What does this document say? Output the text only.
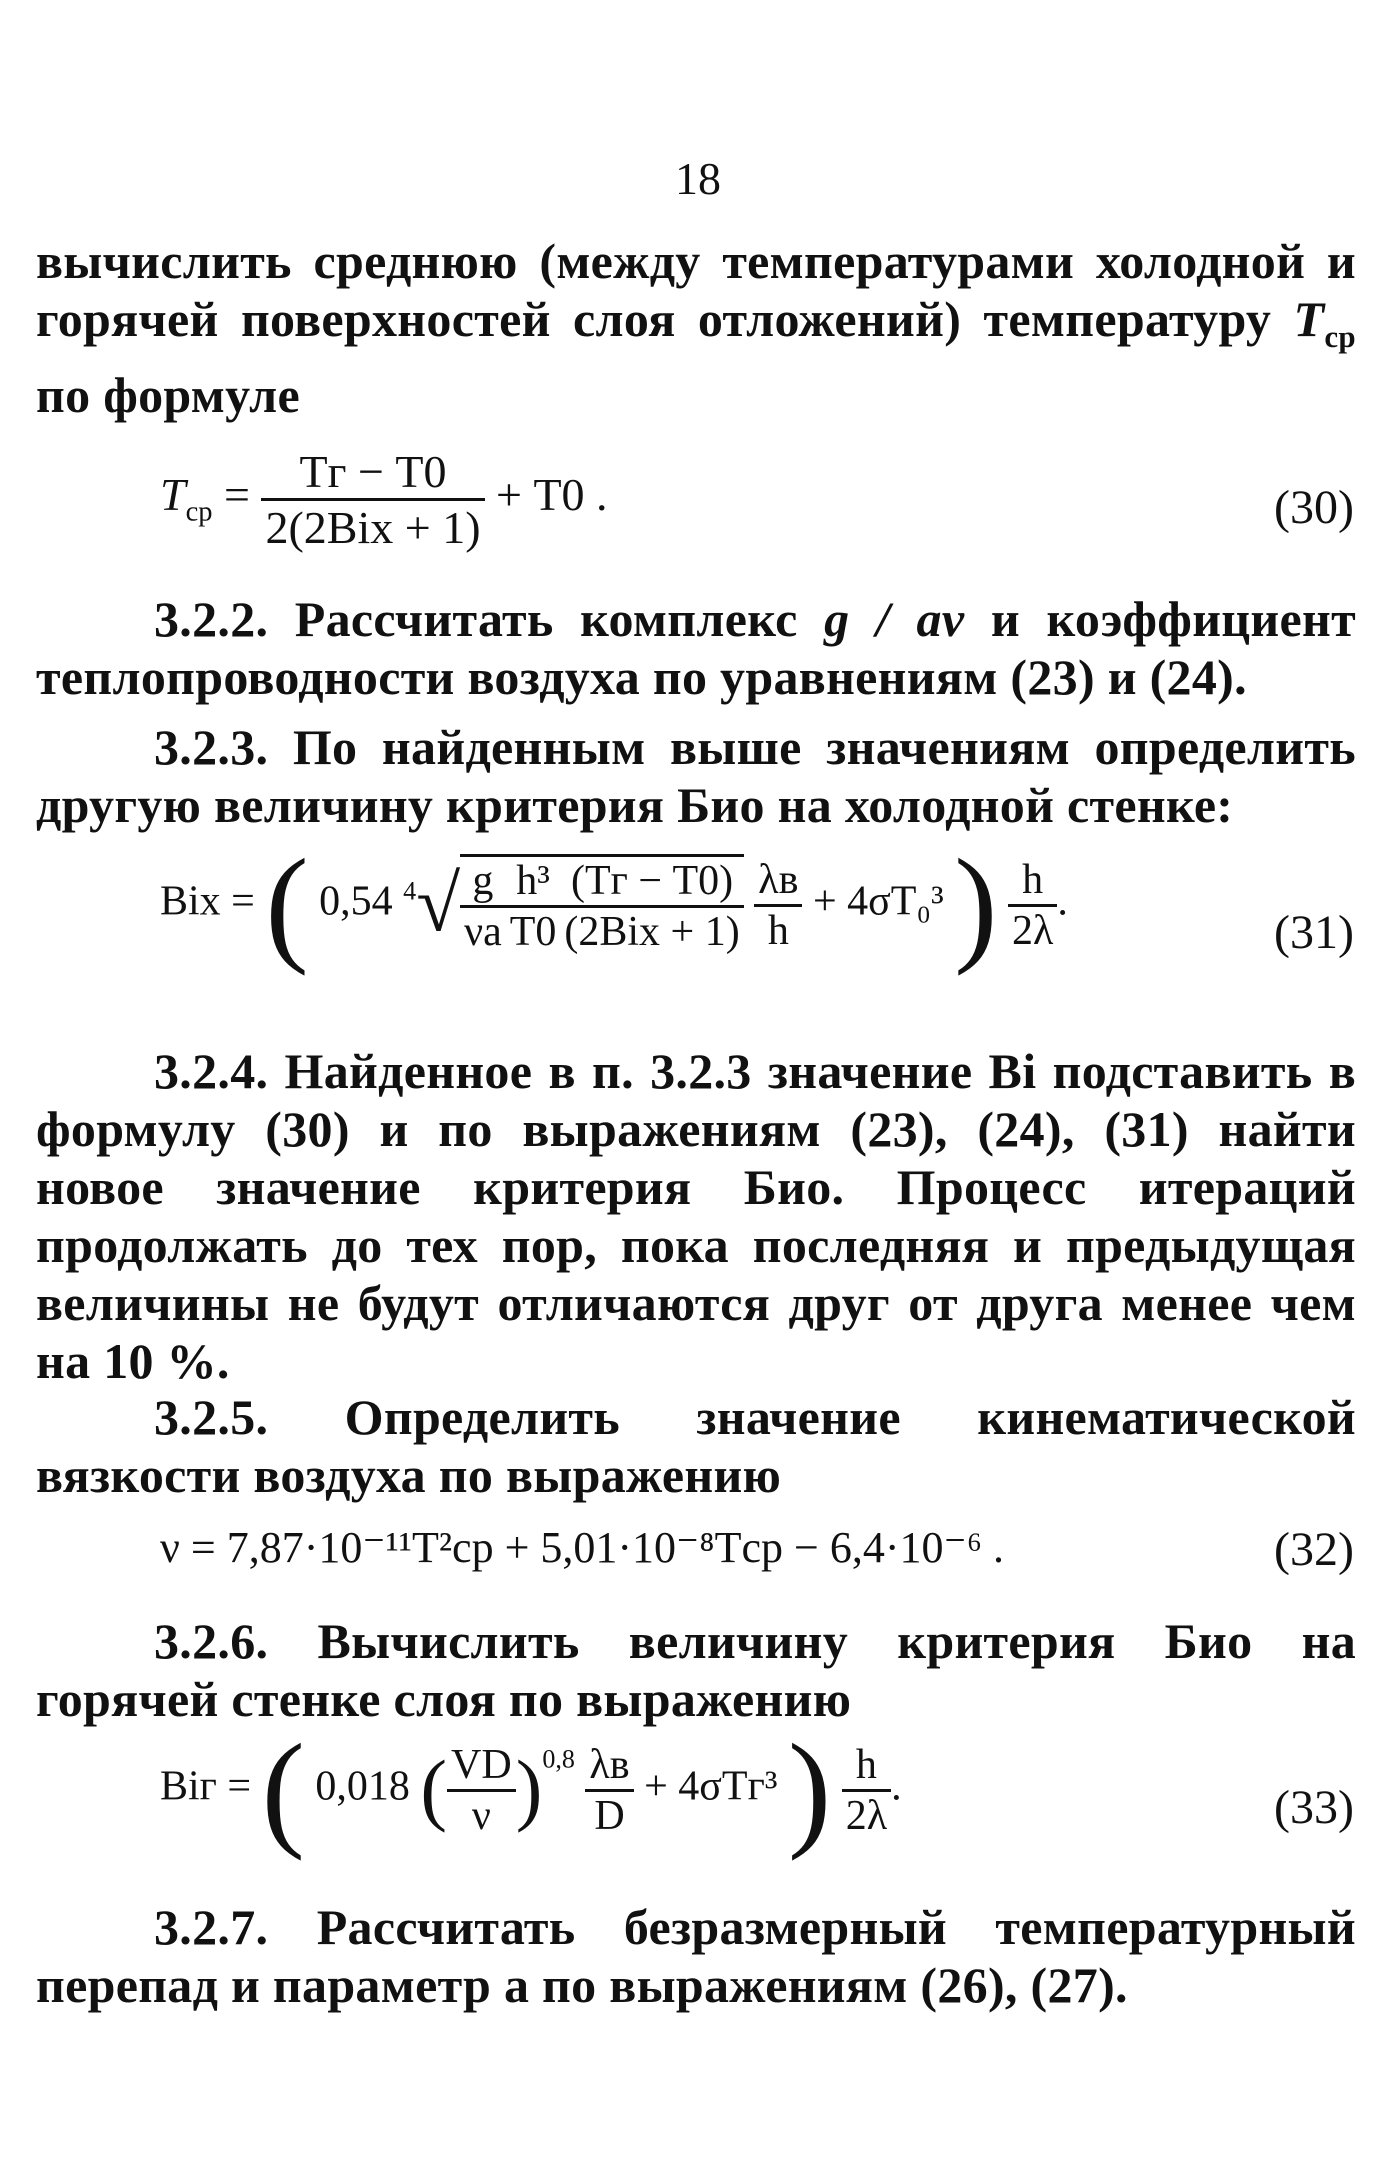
18
вычислить среднюю (между температурами холодной и горячей поверхностей слоя отложений) температуру $T_{ср}$ по формуле
$T_{ср} = \frac{Tг - T0}{\text{2(2Biх + 1)}} + T0$ .	(30)
3.2.2. Рассчитать комплекс g / av и коэффициент теплопроводности воздуха по уравнениям (23) и (24).
3.2.3. По найденным выше значениям определить другую величину критерия Био на холодной стенке:
Biх = ( 0,54 $^4√ \frac{g}{\nu a} \frac{\text{h³}}{T0} \frac{(Tг - T0)}{\text{(2Biх + 1)}}$
$\frac{\lambda в}{h} + 4\sigma T_0^3$ ) $\frac{h}{2\lambda}$ .
(31)
3.2.4. Найденное в п. 3.2.3 значение Bi подставить в формулу (30) и по выражениям (23), (24), (31) найти новое значение критерия Био. Процесс итераций продолжать до тех пор, пока последняя и предыдущая величины не будут отличаются друг от друга менее чем на 10 %.
3.2.5. Определить значение кинематической вязкости воздуха по выражению
ν = 7,87·10⁻¹¹T²ср + 5,01·10⁻⁸Tср − 6,4·10⁻⁶ .	(32)
3.2.6. Вычислить величину критерия Био на горячей стенке слоя по выражению
Biг = ( 0,018 ( $\frac{VD}{\nu} )^{0,8} \frac{\lambda в}{D} + 4\sigma Tг^3$ ) $\frac{h}{2\lambda}$ .	(33)
3.2.7. Рассчитать безразмерный температурный перепад и параметр a по выражениям (26), (27).
